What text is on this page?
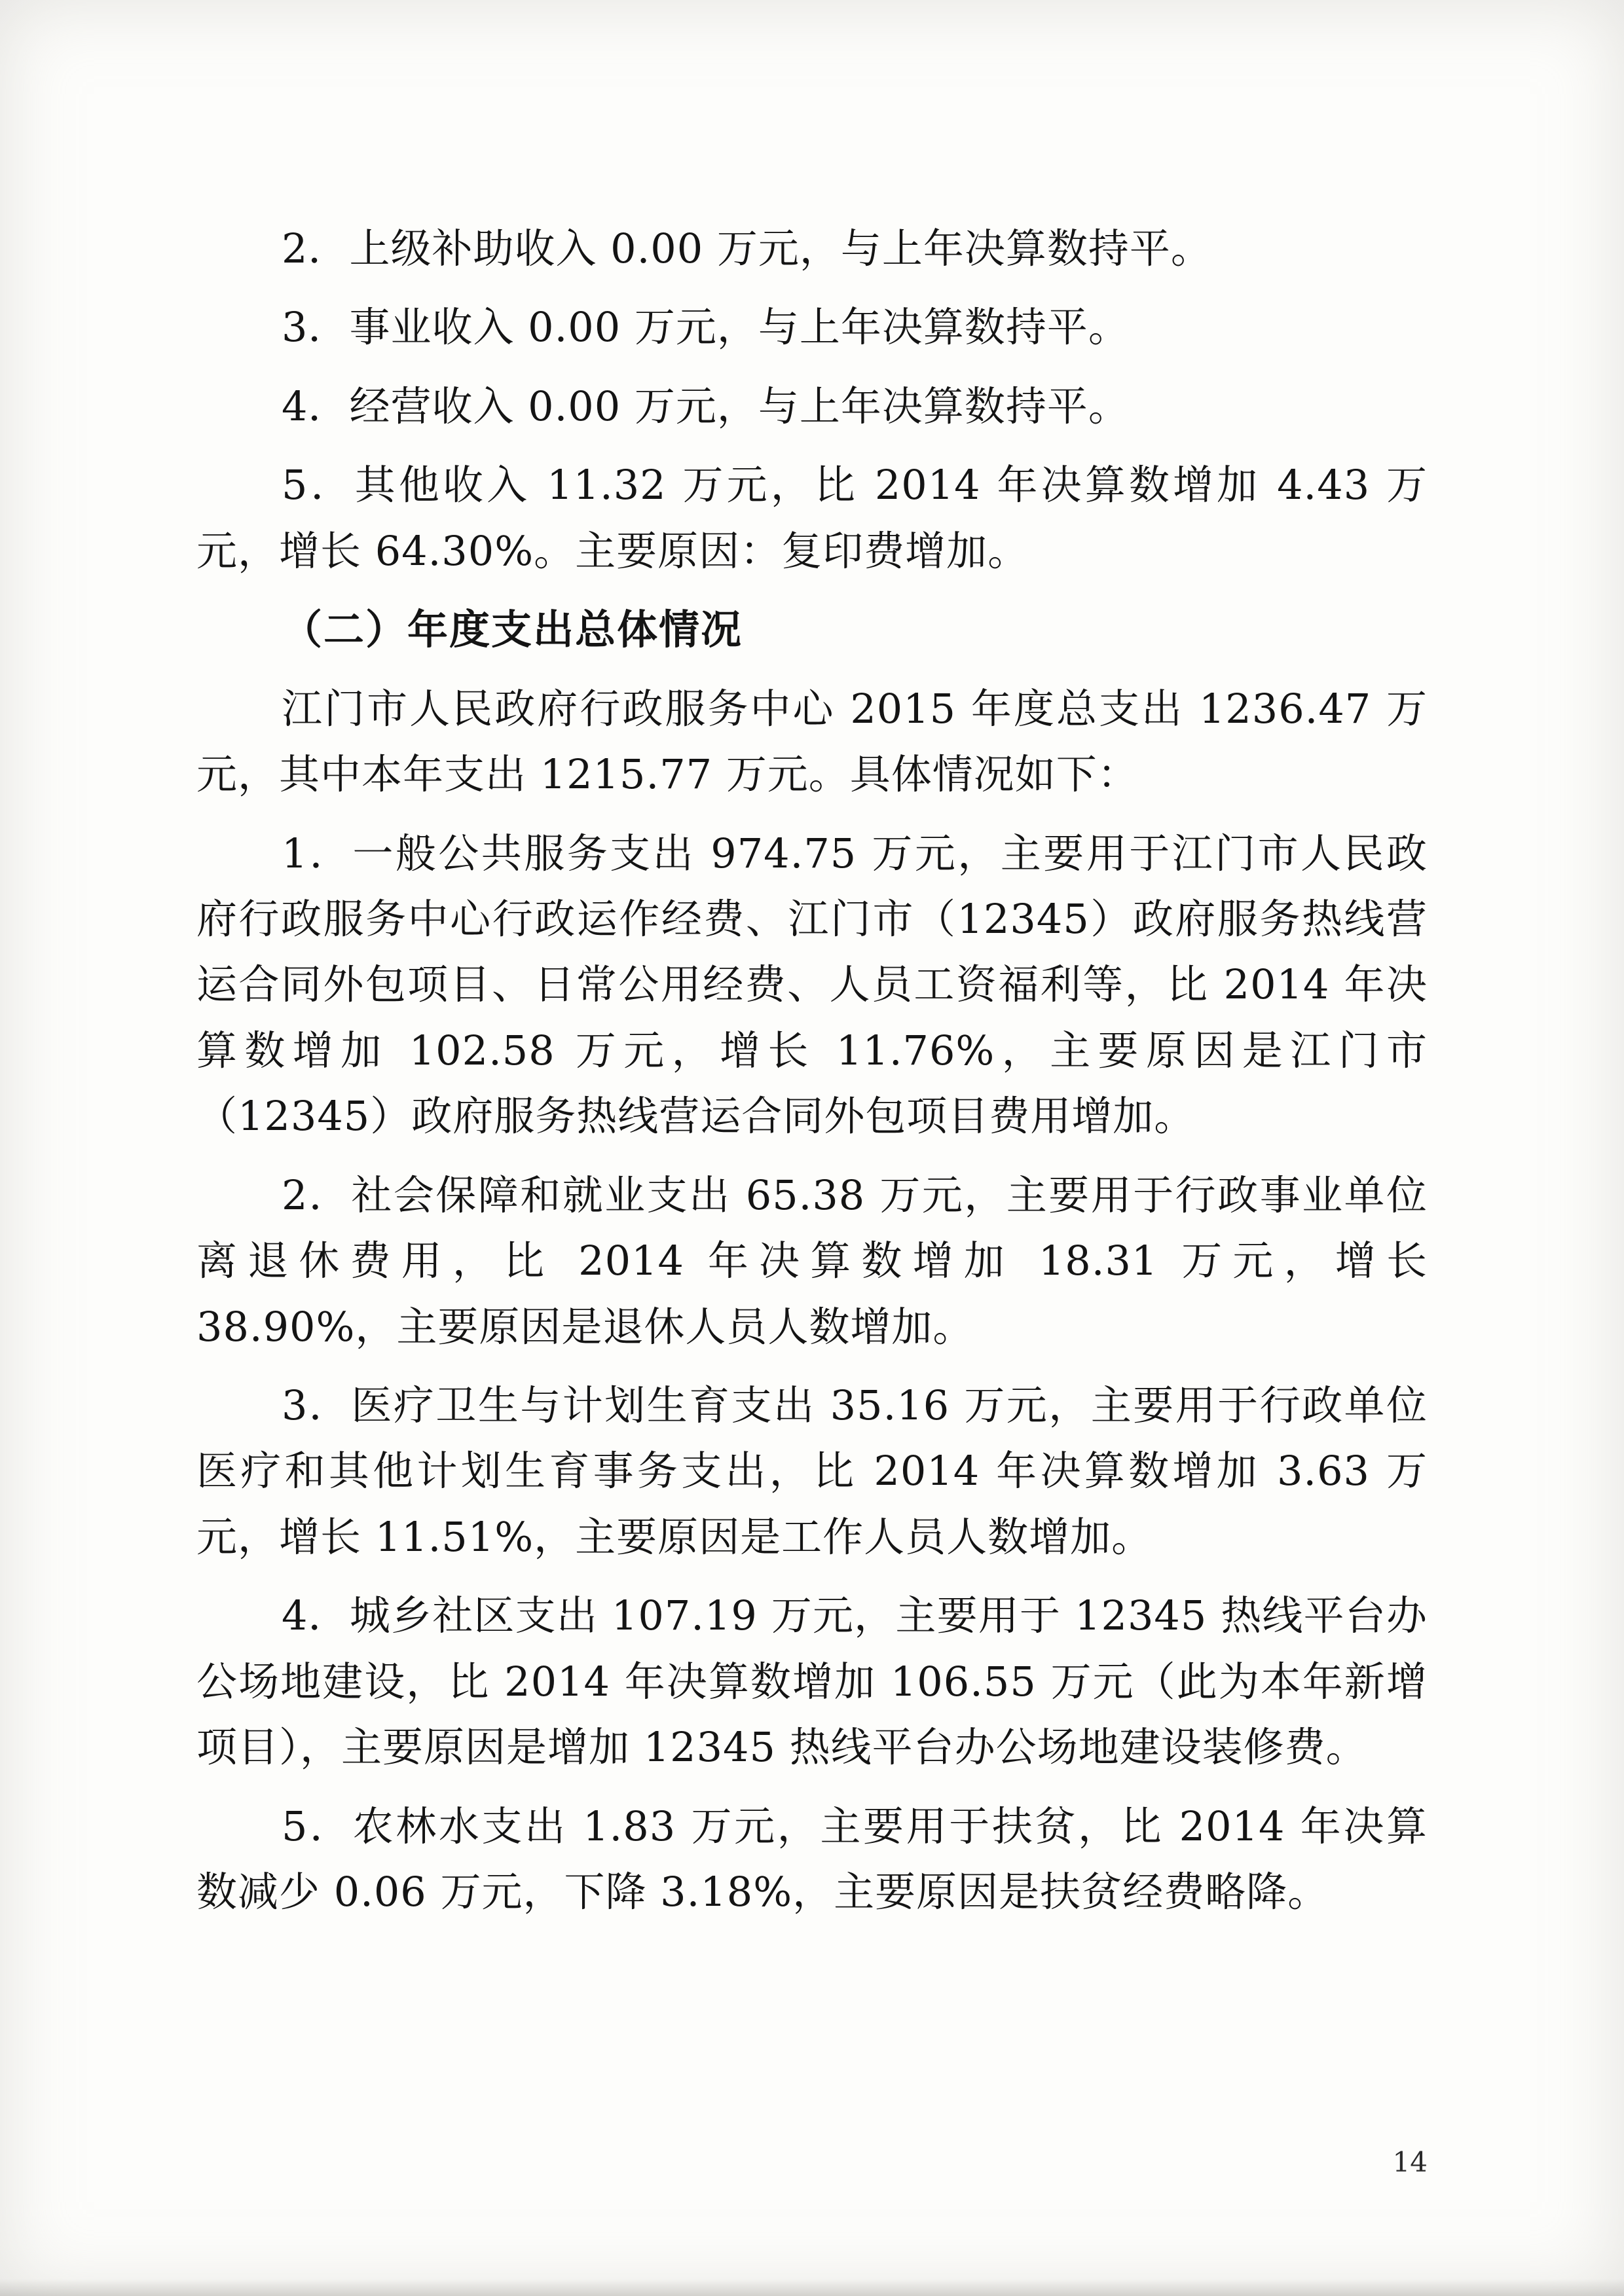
2．上级补助收入 0.00 万元，与上年决算数持平。

3．事业收入 0.00 万元，与上年决算数持平。

4．经营收入 0.00 万元，与上年决算数持平。

5．其他收入 11.32 万元，比 2014 年决算数增加 4.43 万元，增长 64.30%。主要原因：复印费增加。

（二）年度支出总体情况

江门市人民政府行政服务中心 2015 年度总支出 1236.47 万元，其中本年支出 1215.77 万元。具体情况如下：

1．一般公共服务支出 974.75 万元，主要用于江门市人民政府行政服务中心行政运作经费、江门市（12345）政府服务热线营运合同外包项目、日常公用经费、人员工资福利等，比 2014 年决算数增加 102.58 万元，增长 11.76%，主要原因是江门市（12345）政府服务热线营运合同外包项目费用增加。

2．社会保障和就业支出 65.38 万元，主要用于行政事业单位离退休费用，比 2014 年决算数增加 18.31 万元，增长 38.90%，主要原因是退休人员人数增加。

3．医疗卫生与计划生育支出 35.16 万元，主要用于行政单位医疗和其他计划生育事务支出，比 2014 年决算数增加 3.63 万元，增长 11.51%，主要原因是工作人员人数增加。

4．城乡社区支出 107.19 万元，主要用于 12345 热线平台办公场地建设，比 2014 年决算数增加 106.55 万元（此为本年新增项目），主要原因是增加 12345 热线平台办公场地建设装修费。

5．农林水支出 1.83 万元，主要用于扶贫，比 2014 年决算数减少 0.06 万元，下降 3.18%，主要原因是扶贫经费略降。

14
